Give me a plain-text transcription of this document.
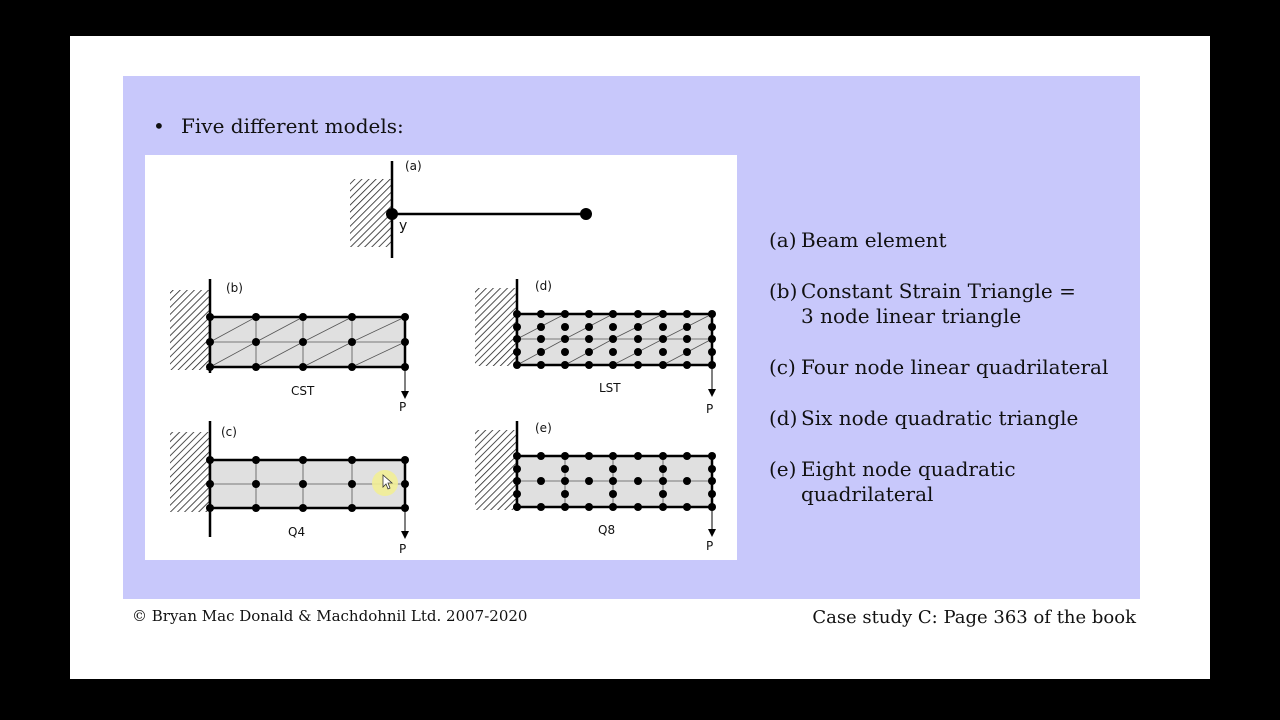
• Five different models:
(a)
y
(b)
CST
P
(d)
LST
P
(c)
Q4
P
(e)
Q8
P
(a) Beam element
(b) Constant Strain Triangle =
3 node linear triangle
(c) Four node linear quadrilateral
(d) Six node quadratic triangle
(e) Eight node quadratic
quadrilateral
© Bryan Mac Donald & Machdohnil Ltd. 2007-2020	Case study C: Page 363 of the book
